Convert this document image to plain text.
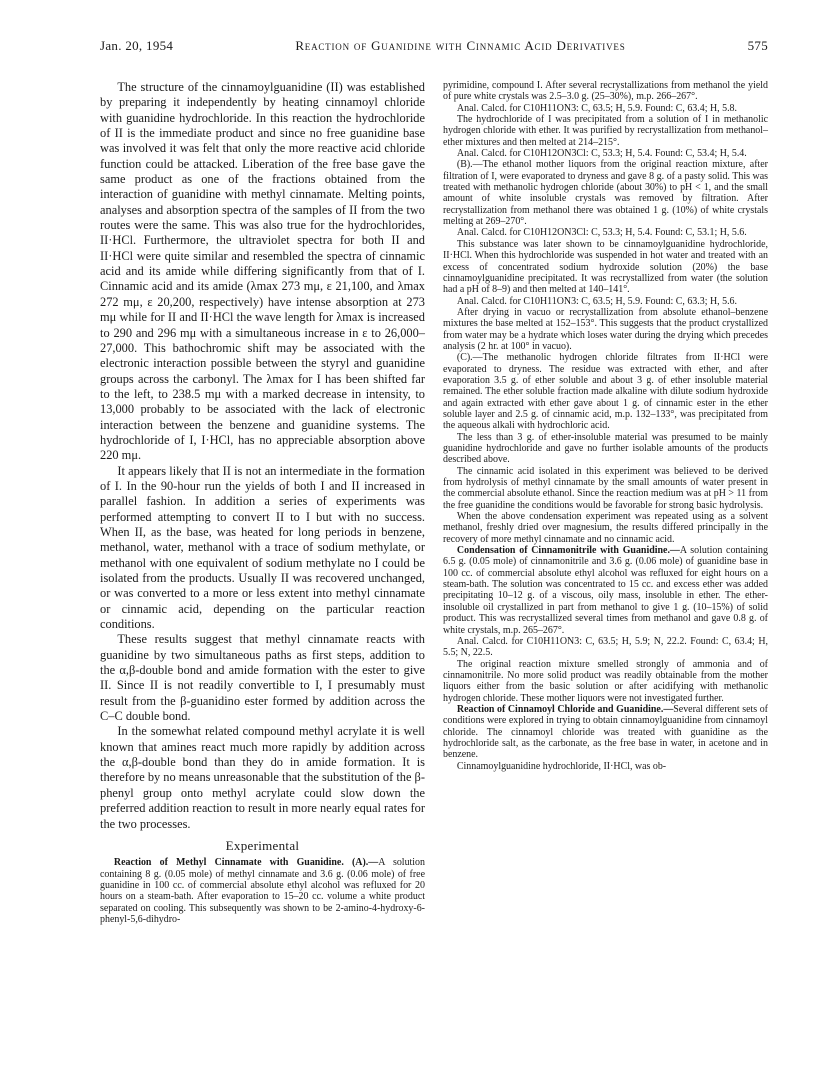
Jan. 20, 1954	Reaction of Guanidine with Cinnamic Acid Derivatives	575

The structure of the cinnamoylguanidine (II) was established by preparing it independently by heating cinnamoyl chloride with guanidine hydrochloride. In this reaction the hydrochloride of II is the immediate product and since no free guanidine base was involved it was felt that only the more reactive acid chloride function could be attacked. Liberation of the free base gave the same product as one of the fractions obtained from the interaction of guanidine with methyl cinnamate. Melting points, analyses and absorption spectra of the samples of II from the two routes were the same. This was also true for the hydrochlorides, II·HCl. Furthermore, the ultraviolet spectra for both II and II·HCl were quite similar and resembled the spectra of cinnamic acid and its amide while differing significantly from that of I. Cinnamic acid and its amide (λmax 273 mμ, ε 21,100, and λmax 272 mμ, ε 20,200, respectively) have intense absorption at 273 mμ while for II and II·HCl the wave length for λmax is increased to 290 and 296 mμ with a simultaneous increase in ε to 26,000–27,000. This bathochromic shift may be associated with the electronic interaction possible between the styryl and guanidine groups across the carbonyl. The λmax for I has been shifted far to the left, to 238.5 mμ with a marked decrease in intensity, to 13,000 probably to be associated with the lack of electronic interaction between the benzene and guanidine systems. The hydrochloride of I, I·HCl, has no appreciable absorption above 220 mμ.

It appears likely that II is not an intermediate in the formation of I. In the 90-hour run the yields of both I and II increased in parallel fashion. In addition a series of experiments was performed attempting to convert II to I but with no success. When II, as the base, was heated for long periods in benzene, methanol, water, methanol with a trace of sodium methylate, or methanol with one equivalent of sodium methylate no I could be isolated from the products. Usually II was recovered unchanged, or was converted to a more or less extent into methyl cinnamate or cinnamic acid, depending on the particular reaction conditions.

These results suggest that methyl cinnamate reacts with guanidine by two simultaneous paths as first steps, addition to the α,β-double bond and amide formation with the ester to give II. Since II is not readily convertible to I, I presumably must result from the β-guanidino ester formed by addition across the C–C double bond.

In the somewhat related compound methyl acrylate it is well known that amines react much more rapidly by addition across the α,β-double bond than they do in amide formation. It is therefore by no means unreasonable that the substitution of the β-phenyl group onto methyl acrylate could slow down the preferred addition reaction to result in more nearly equal rates for the two processes.

Experimental

Reaction of Methyl Cinnamate with Guanidine. (A).—A solution containing 8 g. (0.05 mole) of methyl cinnamate and 3.6 g. (0.06 mole) of free guanidine in 100 cc. of commercial absolute ethyl alcohol was refluxed for 20 hours on a steam-bath. After evaporation to 15–20 cc. volume a white product separated on cooling. This subsequently was shown to be 2-amino-4-hydroxy-6-phenyl-5,6-dihydro-

pyrimidine, compound I. After several recrystallizations from methanol the yield of pure white crystals was 2.5–3.0 g. (25–30%), m.p. 266–267°.

Anal. Calcd. for C10H11ON3: C, 63.5; H, 5.9. Found: C, 63.4; H, 5.8.

The hydrochloride of I was precipitated from a solution of I in methanolic hydrogen chloride with ether. It was purified by recrystallization from methanol–ether mixtures and then melted at 214–215°.

Anal. Calcd. for C10H12ON3Cl: C, 53.3; H, 5.4. Found: C, 53.4; H, 5.4.

(B).—The ethanol mother liquors from the original reaction mixture, after filtration of I, were evaporated to dryness and gave 8 g. of a pasty solid. This was treated with methanolic hydrogen chloride (about 30%) to pH < 1, and the small amount of white insoluble crystals was removed by filtration. After recrystallization from methanol there was obtained 1 g. (10%) of white crystals melting at 269–270°.

Anal. Calcd. for C10H12ON3Cl: C, 53.3; H, 5.4. Found: C, 53.1; H, 5.6.

This substance was later shown to be cinnamoylguanidine hydrochloride, II·HCl. When this hydrochloride was suspended in hot water and treated with an excess of concentrated sodium hydroxide solution (20%) the base cinnamoylguanidine precipitated. It was recrystallized from water (the solution had a pH of 8–9) and then melted at 140–141°.

Anal. Calcd. for C10H11ON3: C, 63.5; H, 5.9. Found: C, 63.3; H, 5.6.

After drying in vacuo or recrystallization from absolute ethanol–benzene mixtures the base melted at 152–153°. This suggests that the product crystallized from water may be a hydrate which loses water during the drying which precedes analysis (2 hr. at 100° in vacuo).

(C).—The methanolic hydrogen chloride filtrates from II·HCl were evaporated to dryness. The residue was extracted with ether, and after evaporation 3.5 g. of ether soluble and about 3 g. of ether insoluble material remained. The ether soluble fraction made alkaline with dilute sodium hydroxide and again extracted with ether gave about 1 g. of cinnamic ester in the ether soluble layer and 2.5 g. of cinnamic acid, m.p. 132–133°, was precipitated from the aqueous alkali with hydrochloric acid.

The less than 3 g. of ether-insoluble material was presumed to be mainly guanidine hydrochloride and gave no further isolable amounts of the products described above.

The cinnamic acid isolated in this experiment was believed to be derived from hydrolysis of methyl cinnamate by the small amounts of water present in the commercial absolute ethanol. Since the reaction medium was at pH > 11 from the free guanidine the conditions would be favorable for strong basic hydrolysis.

When the above condensation experiment was repeated using as a solvent methanol, freshly dried over magnesium, the results differed principally in the recovery of more methyl cinnamate and no cinnamic acid.

Condensation of Cinnamonitrile with Guanidine.—A solution containing 6.5 g. (0.05 mole) of cinnamonitrile and 3.6 g. (0.06 mole) of guanidine base in 100 cc. of commercial absolute ethyl alcohol was refluxed for eight hours on a steam-bath. The solution was concentrated to 15 cc. and excess ether was added precipitating 10–12 g. of a viscous, oily mass, insoluble in ether. The ether-insoluble oil crystallized in part from methanol to give 1 g. (10–15%) of solid product. This was recrystallized several times from methanol and gave 0.8 g. of white crystals, m.p. 265–267°.

Anal. Calcd. for C10H11ON3: C, 63.5; H, 5.9; N, 22.2. Found: C, 63.4; H, 5.5; N, 22.5.

The original reaction mixture smelled strongly of ammonia and of cinnamonitrile. No more solid product was readily obtainable from the mother liquors either from the basic solution or after acidifying with methanolic hydrogen chloride. These mother liquors were not investigated further.

Reaction of Cinnamoyl Chloride and Guanidine.—Several different sets of conditions were explored in trying to obtain cinnamoylguanidine from cinnamoyl chloride. The cinnamoyl chloride was treated with guanidine as the hydrochloride salt, as the carbonate, as the free base in water, in acetone and in benzene.

Cinnamoylguanidine hydrochloride, II·HCl, was ob-
